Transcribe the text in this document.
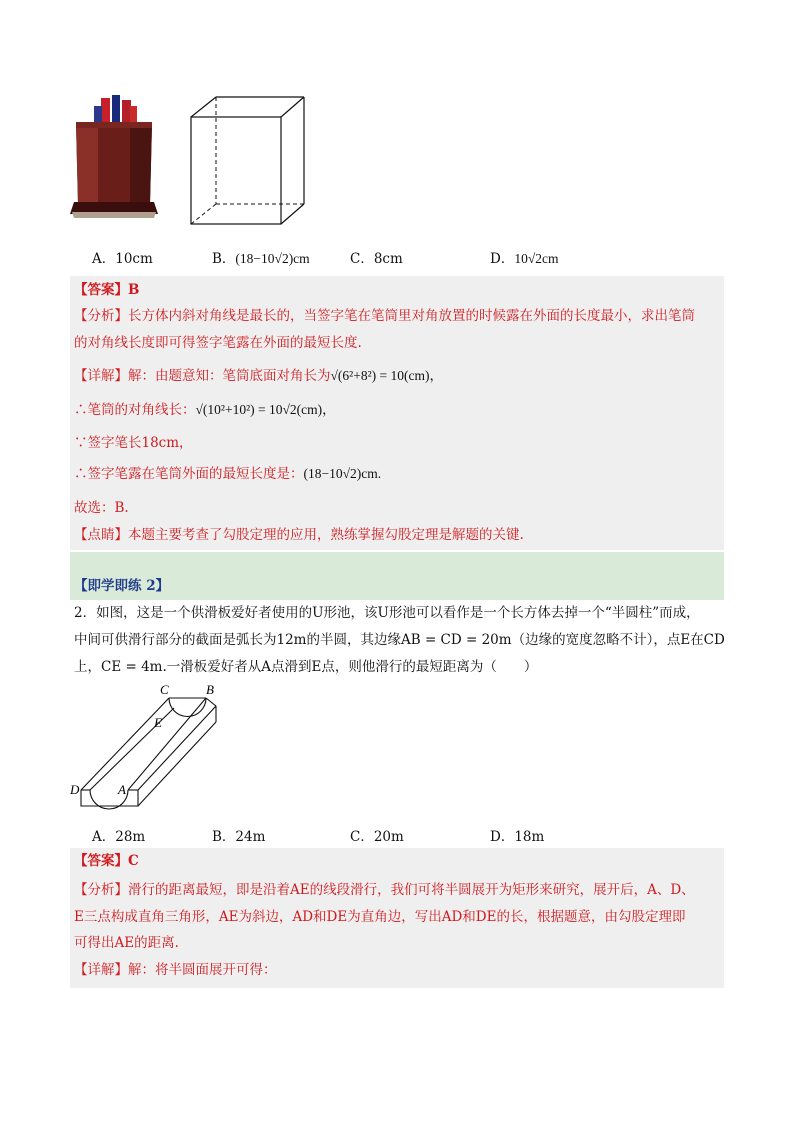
A．10cm	B．(18−10√2)cm	C．8cm	D．10√2cm
【答案】B
【分析】长方体内斜对角线是最长的，当签字笔在笔筒里对角放置的时候露在外面的长度最小，求出笔筒
的对角线长度即可得签字笔露在外面的最短长度.
【详解】解：由题意知：笔筒底面对角长为√(6²+8²) = 10(cm)，
∴笔筒的对角线长：√(10²+10²) = 10√2(cm)，
∵签字笔长18cm，
∴签字笔露在笔筒外面的最短长度是：(18−10√2)cm.
故选：B.
【点睛】本题主要考查了勾股定理的应用，熟练掌握勾股定理是解题的关键.
【即学即练 2】
2．如图，这是一个供滑板爱好者使用的U形池，该U形池可以看作是一个长方体去掉一个“半圆柱”而成，
中间可供滑行部分的截面是弧长为12m的半圆，其边缘AB = CD = 20m（边缘的宽度忽略不计），点E在CD
上，CE = 4m.一滑板爱好者从A点滑到E点，则他滑行的最短距离为（　　）
C	B
E
D	A
A．28m	B．24m	C．20m	D．18m
【答案】C
【分析】滑行的距离最短，即是沿着AE的线段滑行，我们可将半圆展开为矩形来研究，展开后，A、D、
E三点构成直角三角形，AE为斜边，AD和DE为直角边，写出AD和DE的长，根据题意，由勾股定理即
可得出AE的距离.
【详解】解：将半圆面展开可得：
